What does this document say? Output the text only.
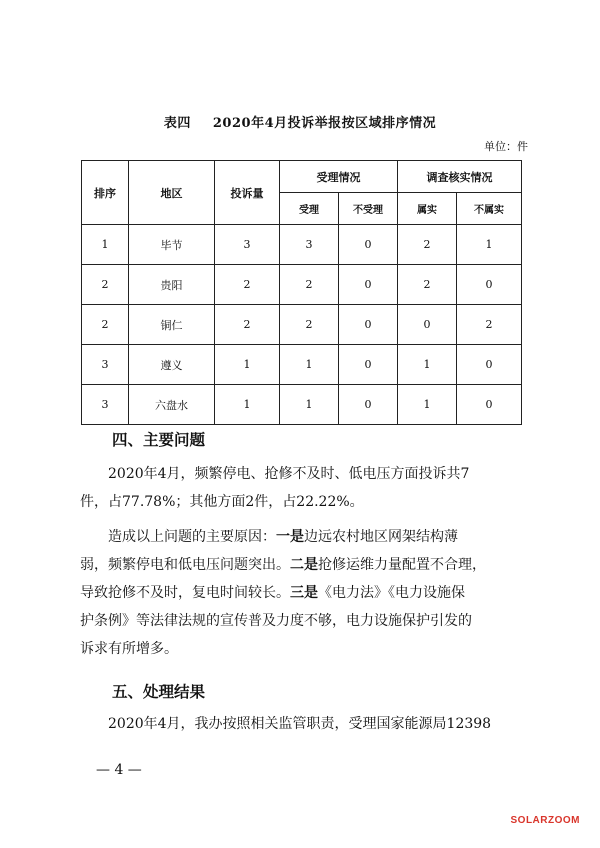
表四 2020年4月投诉举报按区域排序情况
单位：件
排序	地区	投诉量	受理情况		调查核实情况	
			受理	不受理	属实	不属实
1	毕节	3	3	0	2	1
2	贵阳	2	2	0	2	0
2	铜仁	2	2	0	0	2
3	遵义	1	1	0	1	0
3	六盘水	1	1	0	1	0
四、主要问题
2020年4月，频繁停电、抢修不及时、低电压方面投诉共7
件，占77.78%；其他方面2件，占22.22%。
造成以上问题的主要原因：一是边远农村地区网架结构薄
弱，频繁停电和低电压问题突出。二是抢修运维力量配置不合理，
导致抢修不及时，复电时间较长。三是《电力法》《电力设施保
护条例》等法律法规的宣传普及力度不够，电力设施保护引发的
诉求有所增多。
五、处理结果
2020年4月，我办按照相关监管职责，受理国家能源局12398
— 4 —
SOLARZOOM
